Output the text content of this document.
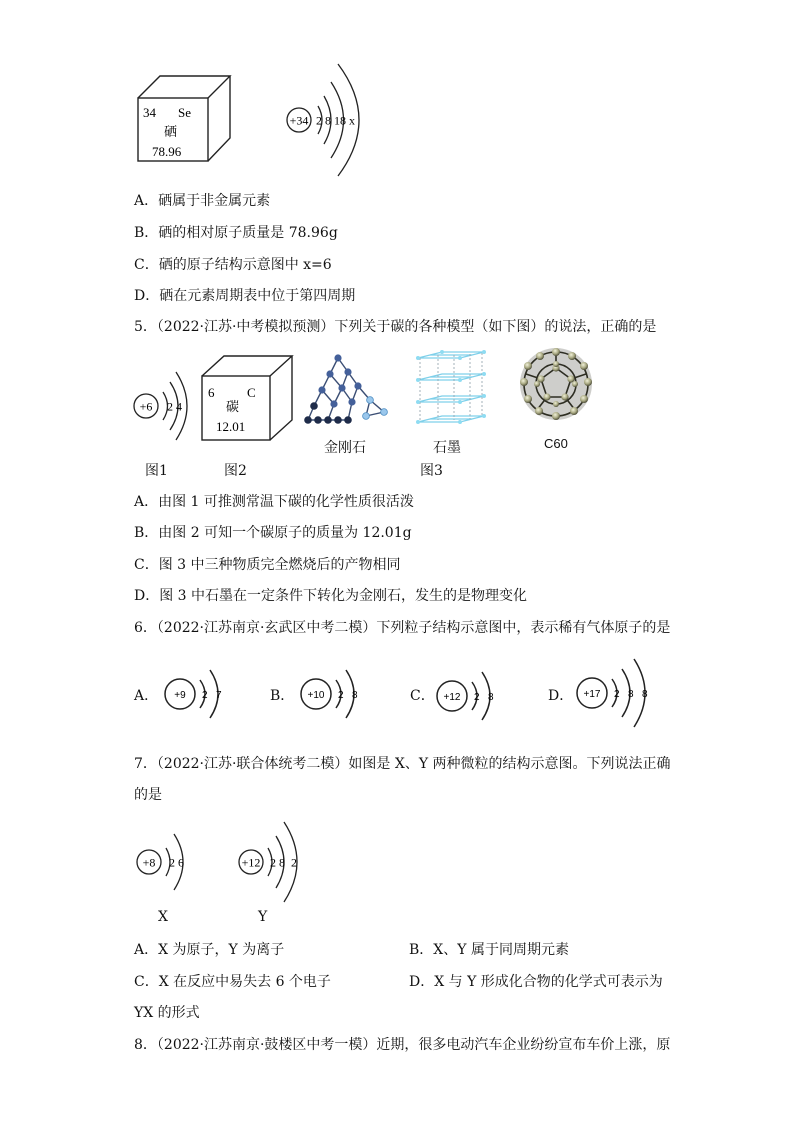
34 Se
硒
78.96
+34 2 8 18 x
A．硒属于非金属元素
B．硒的相对原子质量是 78.96g
C．硒的原子结构示意图中 x=6
D．硒在元素周期表中位于第四周期
5．（2022·江苏·中考模拟预测）下列关于碳的各种模型（如下图）的说法，正确的是
+6 2 4
6	C
碳
12.01
金刚石	石墨	C60
图1	图2	图3
A．由图 1 可推测常温下碳的化学性质很活泼
B．由图 2 可知一个碳原子的质量为 12.01g
C．图 3 中三种物质完全燃烧后的产物相同
D．图 3 中石墨在一定条件下转化为金刚石，发生的是物理变化
6．（2022·江苏南京·玄武区中考二模）下列粒子结构示意图中，表示稀有气体原子的是
A． +9 2 7	B． +10 2 8	C． +12 2 8	D． +17 2 8 8
7．（2022·江苏·联合体统考二模）如图是 X、Y 两种微粒的结构示意图。下列说法正确
的是
+8 2 6
X
+12 2 8  2
Y
A．X 为原子，Y 为离子	B．X、Y 属于同周期元素
C．X 在反应中易失去 6 个电子	D．X 与 Y 形成化合物的化学式可表示为
YX 的形式
8．（2022·江苏南京·鼓楼区中考一模）近期，很多电动汽车企业纷纷宣布车价上涨，原
